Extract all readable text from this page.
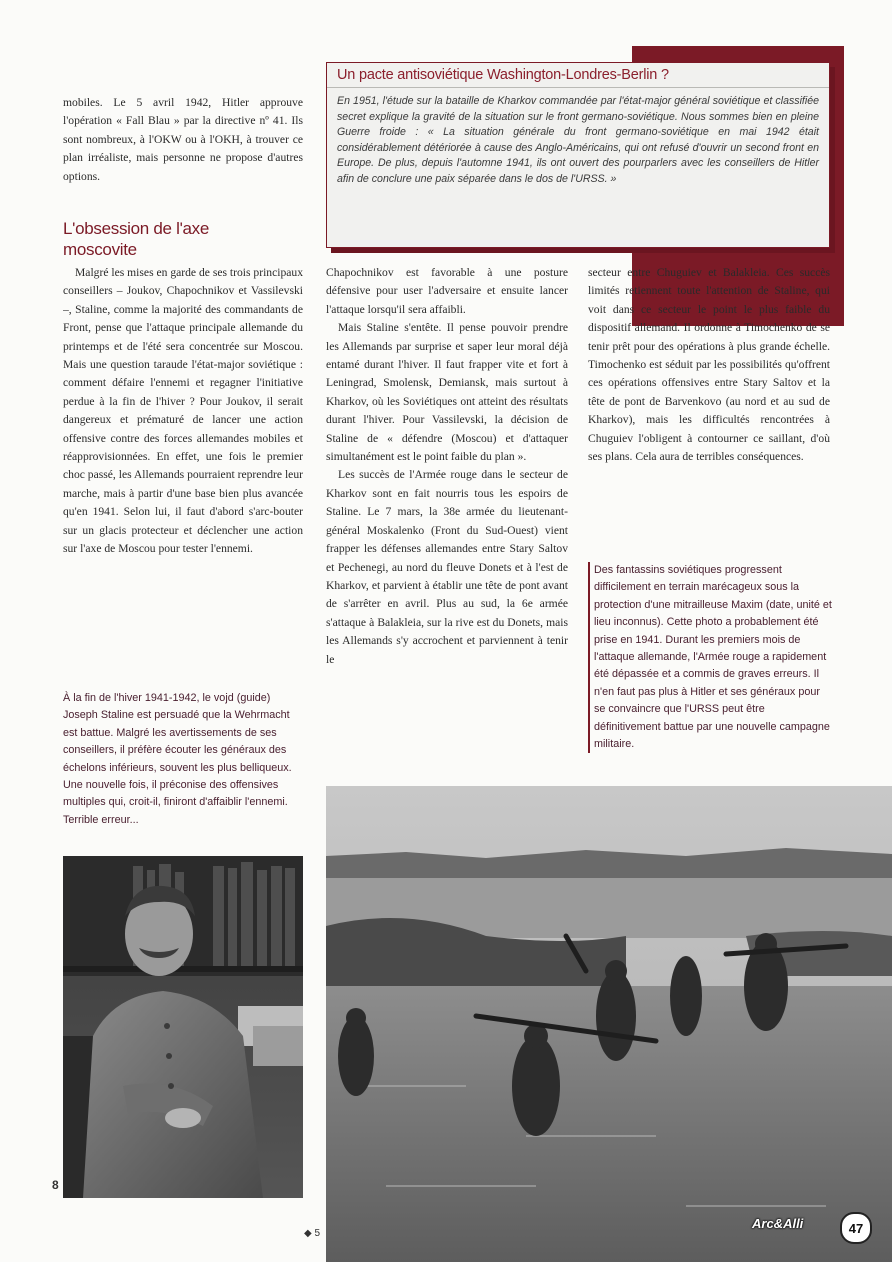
mobiles. Le 5 avril 1942, Hitler approuve l'opération « Fall Blau » par la directive nº 41. Ils sont nombreux, à l'OKW ou à l'OKH, à trouver ce plan irréaliste, mais personne ne propose d'autres options.

Un pacte antisoviétique Washington-Londres-Berlin ?
En 1951, l'étude sur la bataille de Kharkov commandée par l'état-major général soviétique et classifiée secret explique la gravité de la situation sur le front germano-soviétique. Nous sommes bien en pleine Guerre froide : « La situation générale du front germano-soviétique en mai 1942 était considérablement détériorée à cause des Anglo-Américains, qui ont refusé d'ouvrir un second front en Europe. De plus, depuis l'automne 1941, ils ont ouvert des pourparlers avec les conseillers de Hitler afin de conclure une paix séparée dans le dos de l'URSS. »
L'obsession de l'axe moscovite

Malgré les mises en garde de ses trois principaux conseillers – Joukov, Chapochnikov et Vassilevski –, Staline, comme la majorité des commandants de Front, pense que l'attaque principale allemande du printemps et de l'été sera concentrée sur Moscou. Mais une question taraude l'état-major soviétique : comment défaire l'ennemi et regagner l'initiative perdue à la fin de l'hiver ? Pour Joukov, il serait dangereux et prématuré de lancer une action offensive contre des forces allemandes mobiles et réapprovisionnées. En effet, une fois le premier choc passé, les Allemands pourraient reprendre leur marche, mais à partir d'une base bien plus avancée qu'en 1941. Selon lui, il faut d'abord s'arc-bouter sur un glacis protecteur et déclencher une action sur l'axe de Moscou pour tester l'ennemi.

Chapochnikov est favorable à une posture défensive pour user l'adversaire et ensuite lancer l'attaque lorsqu'il sera affaibli.

Mais Staline s'entête. Il pense pouvoir prendre les Allemands par surprise et saper leur moral déjà entamé durant l'hiver. Il faut frapper vite et fort à Leningrad, Smolensk, Demiansk, mais surtout à Kharkov, où les Soviétiques ont atteint des résultats durant l'hiver. Pour Vassilevski, la décision de Staline de « défendre (Moscou) et d'attaquer simultanément est le point faible du plan ».

Les succès de l'Armée rouge dans le secteur de Kharkov sont en fait nourris tous les espoirs de Staline. Le 7 mars, la 38e armée du lieutenant-général Moskalenko (Front du Sud-Ouest) vient frapper les défenses allemandes entre Stary Saltov et Pechenegi, au nord du fleuve Donets et à l'est de Kharkov, et parvient à établir une tête de pont avant de s'arrêter en avril. Plus au sud, la 6e armée s'attaque à Balakleia, sur la rive est du Donets, mais les Allemands s'y accrochent et parviennent à tenir le

secteur entre Chuguiev et Balakleia. Ces succès limités retiennent toute l'attention de Staline, qui voit dans ce secteur le point le plus faible du dispositif allemand. Il ordonne à Timochenko de se tenir prêt pour des opérations à plus grande échelle. Timochenko est séduit par les possibilités qu'offrent ces opérations offensives entre Stary Saltov et la tête de pont de Barvenkovo (au nord et au sud de Kharkov), mais les difficultés rencontrées à Chuguiev l'obligent à contourner ce saillant, d'où ses plans. Cela aura de terribles conséquences.

Des fantassins soviétiques progressent difficilement en terrain marécageux sous la protection d'une mitrailleuse Maxim (date, unité et lieu inconnus). Cette photo a probablement été prise en 1941. Durant les premiers mois de l'attaque allemande, l'Armée rouge a rapidement été dépassée et a commis de graves erreurs. Il n'en faut pas plus à Hitler et ses généraux pour se convaincre que l'URSS peut être définitivement battue par une nouvelle campagne militaire.
À la fin de l'hiver 1941-1942, le vojd (guide) Joseph Staline est persuadé que la Wehrmacht est battue. Malgré les avertissements de ses conseillers, il préfère écouter les généraux des échelons inférieurs, souvent les plus belliqueux. Une nouvelle fois, il préconise des offensives multiples qui, croit-il, finiront d'affaiblir l'ennemi. Terrible erreur...
8
◆ 5
Arc&Alli	47
